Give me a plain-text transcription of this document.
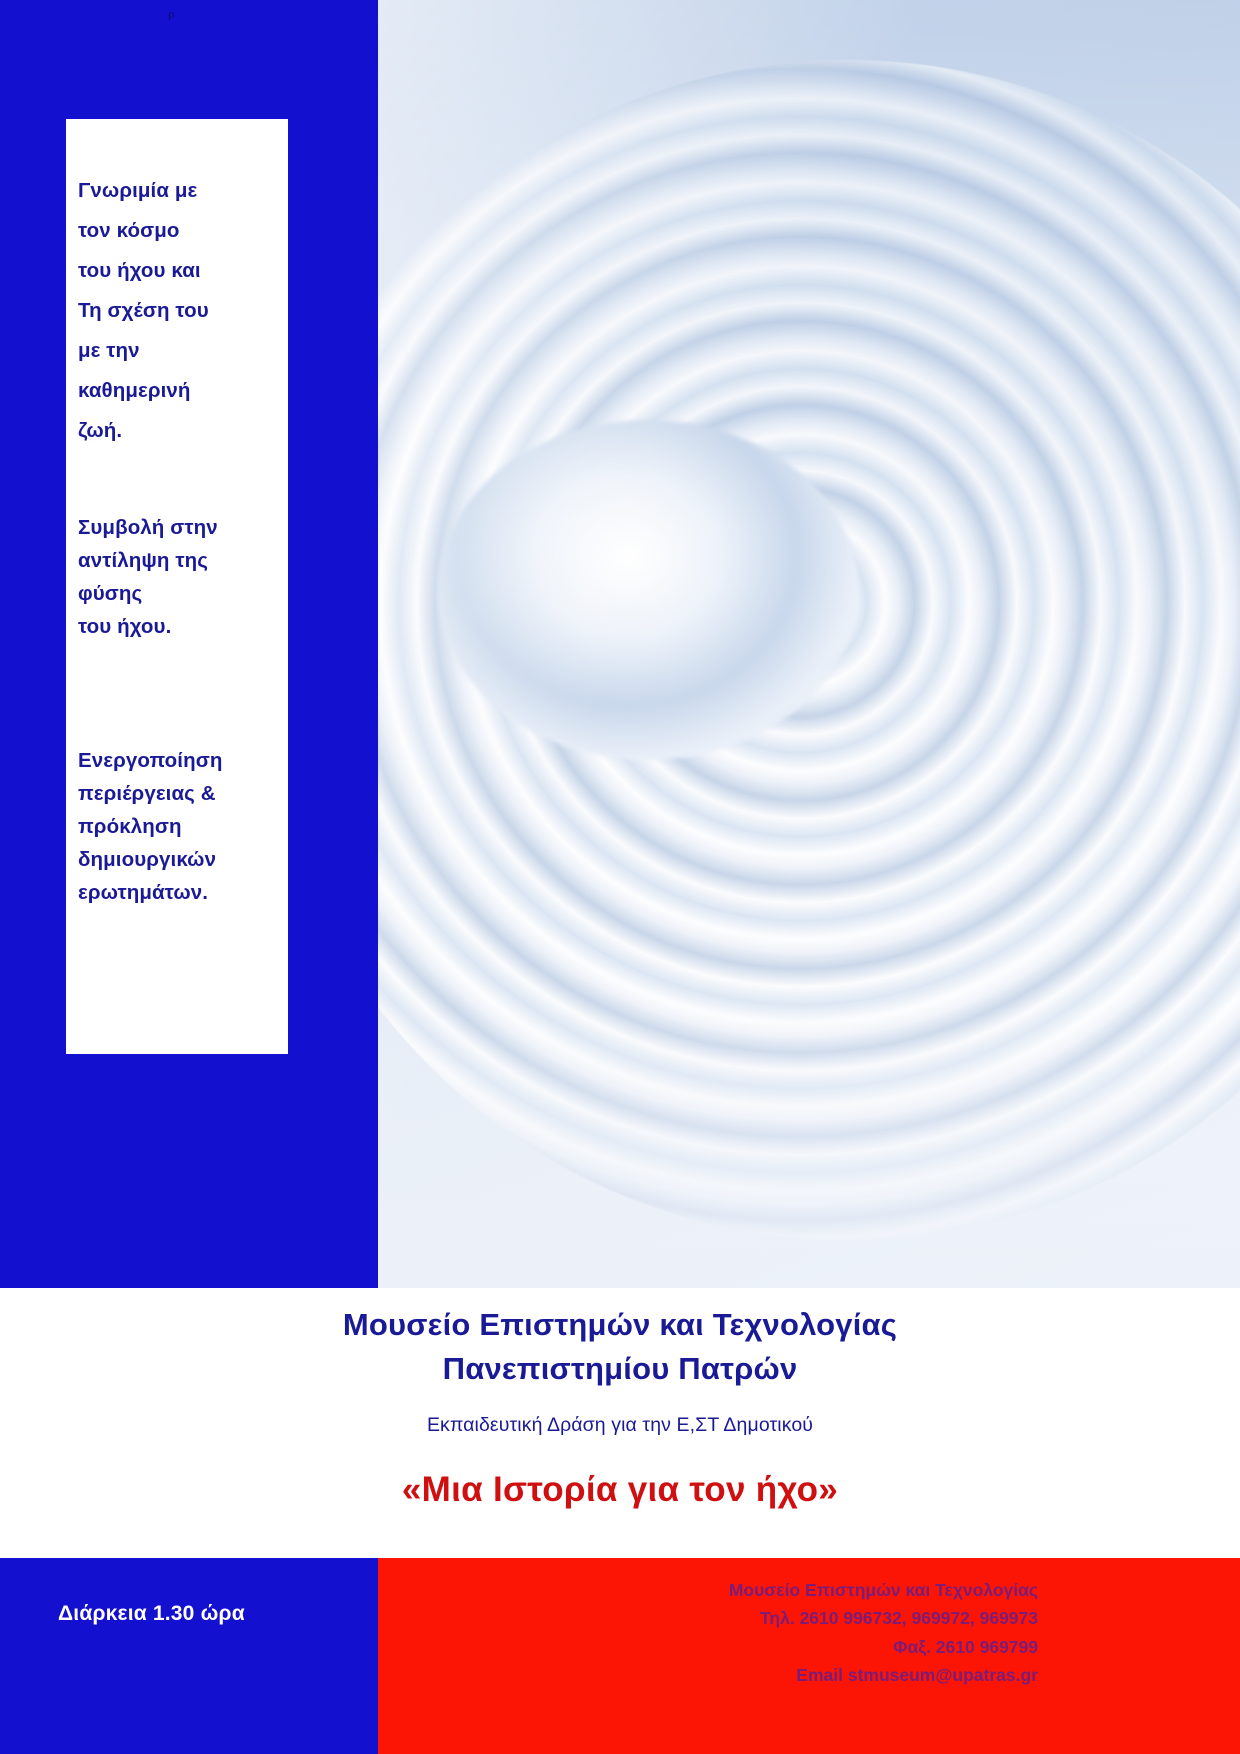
ρ

Γνωριμία με

τον κόσμο

του ήχου και

Τη σχέση του

με την

καθημερινή

ζωή.

Συμβολή στην

αντίληψη της

φύσης

του ήχου.

Ενεργοποίηση

περιέργειας &

πρόκληση

δημιουργικών

ερωτημάτων.

Μουσείο Επιστημών και Τεχνολογίας
Πανεπιστημίου Πατρών
Εκπαιδευτική Δράση για την Ε,ΣΤ Δημοτικού
«Μια Ιστορία για τον ήχο»
Διάρκεια 1.30 ώρα
Μουσείο Επιστημών και Τεχνολογίας
Τηλ. 2610 996732, 969972, 969973
Φαξ. 2610 969799
Email stmuseum@upatras.gr
